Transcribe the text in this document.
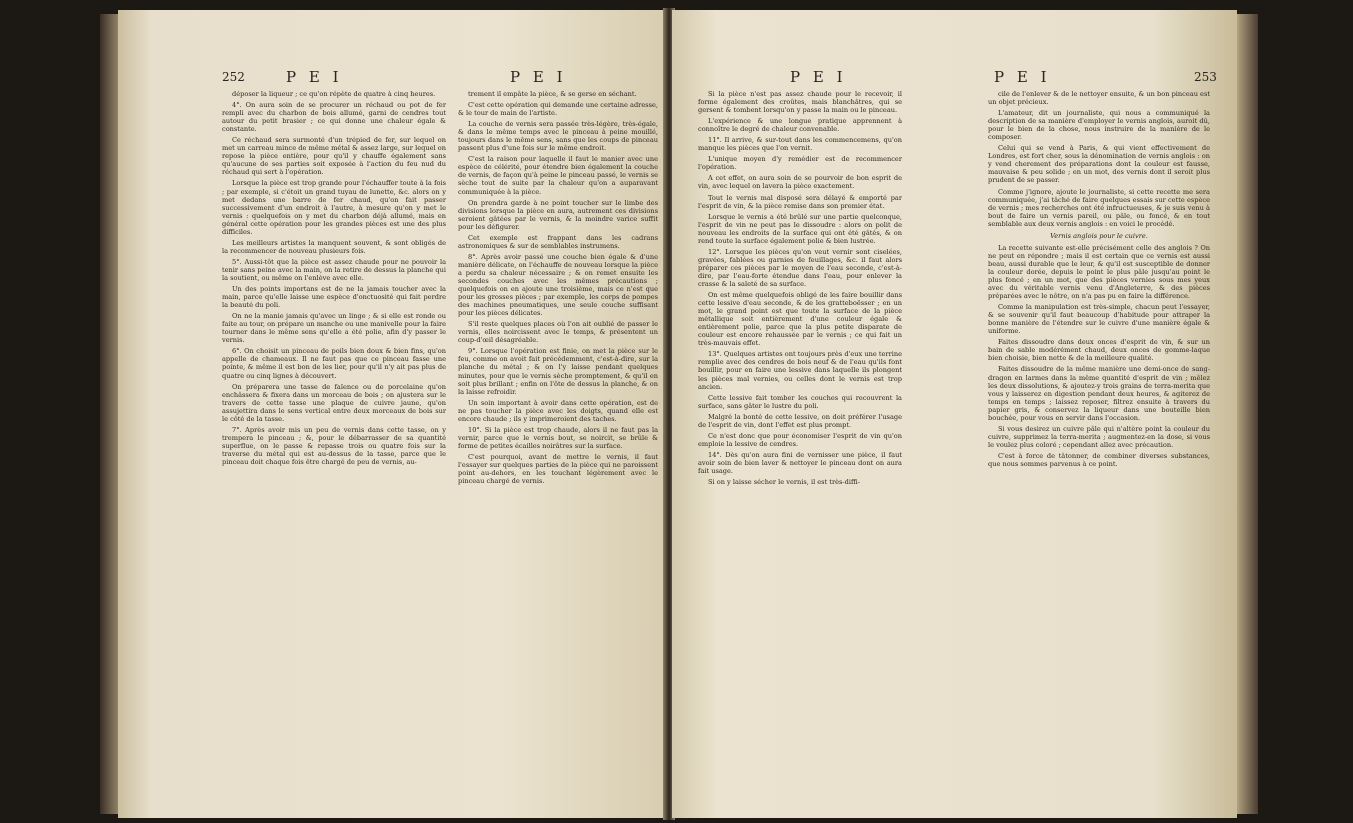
252	P E I	P E I

déposer la liqueur ; ce qu'on répète de quatre à cinq heures.

4°. On aura soin de se procurer un réchaud ou pot de fer rempli avec du charbon de bois allumé, garni de cendres tout autour du petit brasier ; ce qui donne une chaleur égale & constante.

Ce réchaud sera surmonté d'un trépied de fer, sur lequel on met un carreau mince de même métal & assez large, sur lequel on repose la pièce entière, pour qu'il y chauffe également sans qu'aucune de ses parties soit exposée à l'action du feu nud du réchaud qui sert à l'opération.

Lorsque la pièce est trop grande pour l'échauffer toute à la fois ; par exemple, si c'étoit un grand tuyau de lunette, &c. alors on y met dedans une barre de fer chaud, qu'on fait passer successivement d'un endroit à l'autre, à mesure qu'on y met le vernis : quelquefois on y met du charbon déjà allumé, mais en général cette opération pour les grandes pièces est une des plus difficiles.

Les meilleurs artistes la manquent souvent, & sont obligés de la recommencer de nouveau plusieurs fois.

5°. Aussi-tôt que la pièce est assez chaude pour ne pouvoir la tenir sans peine avec la main, on la retire de dessus la planche qui la soutient, ou même on l'enlève avec elle.

Un des points importans est de ne la jamais toucher avec la main, parce qu'elle laisse une espèce d'onctuosité qui fait perdre la beauté du poli.

On ne la manie jamais qu'avec un linge ; & si elle est ronde ou faite au tour, on prépare un manche ou une manivelle pour la faire tourner dans le même sens qu'elle a été polie, afin d'y passer le vernis.

6°. On choisit un pinceau de poils bien doux & bien fins, qu'on appelle de chameaux. Il ne faut pas que ce pinceau fasse une pointe, & même il est bon de les lier, pour qu'il n'y ait pas plus de quatre ou cinq lignes à découvert.

On préparera une tasse de faïence ou de porcelaine qu'on enchâssera & fixera dans un morceau de bois ; on ajustera sur le travers de cette tasse une plaque de cuivre jaune, qu'on assujettira dans le sens vertical entre deux morceaux de bois sur le côté de la tasse.

7°. Après avoir mis un peu de vernis dans cette tasse, on y trempera le pinceau ; &, pour le débarrasser de sa quantité superflue, on le passe & repasse trois ou quatre fois sur la traverse du métal qui est au-dessus de la tasse, parce que le pinceau doit chaque fois être chargé de peu de vernis, au-

trement il empâte la pièce, & se gerse en séchant.

C'est cette opération qui demande une certaine adresse, & le tour de main de l'artiste.

La couche de vernis sera passée très-légère, très-égale, & dans le même temps avec le pinceau à peine mouillé, toujours dans le même sens, sans que les coups de pinceau passent plus d'une fois sur le même endroit.

C'est la raison pour laquelle il faut le manier avec une espèce de célérité, pour étendre bien également la couche de vernis, de façon qu'à peine le pinceau passé, le vernis se sèche tout de suite par la chaleur qu'on a auparavant communiquée à la pièce.

On prendra garde à ne point toucher sur le limbe des divisions lorsque la pièce en aura, autrement ces divisions seroient gâtées par le vernis, & la moindre varice suffit pour les défigurer.

Cet exemple est frappant dans les cadrans astronomiques & sur de semblables instrumens.

8°. Après avoir passé une couche bien égale & d'une manière délicate, on l'échauffe de nouveau lorsque la pièce a perdu sa chaleur nécessaire ; & on remet ensuite les secondes couches avec les mêmes précautions ; quelquefois on en ajoute une troisième, mais ce n'est que pour les grosses pièces ; par exemple, les corps de pompes des machines pneumatiques, une seule couche suffisant pour les pièces délicates.

S'il reste quelques places où l'on ait oublié de passer le vernis, elles noircissent avec le temps, & présentent un coup-d'œil désagréable.

9°. Lorsque l'opération est finie, on met la pièce sur le feu, comme on avoit fait précédemment, c'est-à-dire, sur la planche du métal ; & on l'y laisse pendant quelques minutes, pour que le vernis sèche promptement, & qu'il en soit plus brillant ; enfin on l'ôte de dessus la planche, & on la laisse refroidir.

Un soin important à avoir dans cette opération, est de ne pas toucher la pièce avec les doigts, quand elle est encore chaude ; ils y imprimeroient des taches.

10°. Si la pièce est trop chaude, alors il ne faut pas la vernir, parce que le vernis bout, se noircit, se brûle & forme de petites écailles noirâtres sur la surface.

C'est pourquoi, avant de mettre le vernis, il faut l'essayer sur quelques parties de la pièce qui ne paroissent point au-dehors, en les touchant légèrement avec le pinceau chargé de vernis.

P E I	P E I	253

Si la pièce n'est pas assez chaude pour le recevoir, il forme également des croûtes, mais blanchâtres, qui se gersent & tombent lorsqu'on y passe la main ou le pinceau.

L'expérience & une longue pratique apprennent à connoître le degré de chaleur convenable.

11°. Il arrive, & sur-tout dans les commencemens, qu'on manque les pièces que l'on vernit.

L'unique moyen d'y remédier est de recommencer l'opération.

A cet effet, on aura soin de se pourvoir de bon esprit de vin, avec lequel on lavera la pièce exactement.

Tout le vernis mal disposé sera délayé & emporté par l'esprit de vin, & la pièce remise dans son premier état.

Lorsque le vernis a été brûlé sur une partie quelconque, l'esprit de vin ne peut pas le dissoudre : alors on polit de nouveau les endroits de la surface qui ont été gâtés, & on rend toute la surface également polie & bien lustrée.

12°. Lorsque les pièces qu'on veut vernir sont ciselées, gravées, fablées ou garnies de feuillages, &c. il faut alors préparer ces pièces par le moyen de l'eau seconde, c'est-à-dire, par l'eau-forte étendue dans l'eau, pour enlever la crasse & la saleté de sa surface.

On est même quelquefois obligé de les faire bouillir dans cette lessive d'eau seconde, & de les gratteboësser ; en un mot, le grand point est que toute la surface de la pièce métallique soit entièrement d'une couleur égale & entièrement polie, parce que la plus petite disparate de couleur est encore rehaussée par le vernis ; ce qui fait un très-mauvais effet.

13°. Quelques artistes ont toujours près d'eux une terrine remplie avec des cendres de bois neuf & de l'eau qu'ils font bouillir, pour en faire une lessive dans laquelle ils plongent les pièces mal vernies, ou celles dont le vernis est trop ancien.

Cette lessive fait tomber les couches qui recouvrent la surface, sans gâter le lustre du poli.

Malgré la bonté de cette lessive, on doit préférer l'usage de l'esprit de vin, dont l'effet est plus prompt.

Ce n'est donc que pour économiser l'esprit de vin qu'on emploie la lessive de cendres.

14°. Dès qu'on aura fini de vernisser une pièce, il faut avoir soin de bien laver & nettoyer le pinceau dont on aura fait usage.

Si on y laisse sécher le vernis, il est très-diffi-

cile de l'enlever & de le nettoyer ensuite, & un bon pinceau est un objet précieux.

L'amateur, dit un journaliste, qui nous a communiqué la description de sa manière d'employer le vernis anglois, auroit dû, pour le bien de la chose, nous instruire de la manière de le composer.

Celui qui se vend à Paris, & qui vient effectivement de Londres, est fort cher, sous la dénomination de vernis anglois : on y vend cherement des préparations dont la couleur est fausse, mauvaise & peu solide ; en un mot, des vernis dont il seroit plus prudent de se passer.

Comme j'ignore, ajoute le journaliste, si cette recette me sera communiquée, j'ai tâché de faire quelques essais sur cette espèce de vernis ; mes recherches ont été infructueuses, & je suis venu à bout de faire un vernis pareil, ou pâle, ou foncé, & en tout semblable aux deux vernis anglois : en voici le procédé.

Vernis anglois pour le cuivre.

La recette suivante est-elle précisément celle des anglois ? On ne peut en répondre ; mais il est certain que ce vernis est aussi beau, aussi durable que le leur, & qu'il est susceptible de donner la couleur dorée, depuis le point le plus pâle jusqu'au point le plus foncé ; en un mot, que des pièces vernies sous mes yeux avec du véritable vernis venu d'Angleterre, & des pièces préparées avec le nôtre, on n'a pas pu en faire la différence.

Comme la manipulation est très-simple, chacun peut l'essayer, & se souvenir qu'il faut beaucoup d'habitude pour attraper la bonne manière de l'étendre sur le cuivre d'une manière égale & uniforme.

Faites dissoudre dans deux onces d'esprit de vin, & sur un bain de sable modérément chaud, deux onces de gomme-laque bien choisie, bien nette & de la meilleure qualité.

Faites dissoudre de la même manière une demi-once de sang-dragon en larmes dans la même quantité d'esprit de vin ; mêlez les deux dissolutions, & ajoutez-y trois grains de terra-merita que vous y laisserez en digestion pendant deux heures, & agiterez de temps en temps ; laissez reposer, filtrez ensuite à travers du papier gris, & conservez la liqueur dans une bouteille bien bouchée, pour vous en servir dans l'occasion.

Si vous desirez un cuivre pâle qui n'altère point la couleur du cuivre, supprimez la terra-merita ; augmentez-en la dose, si vous le voulez plus coloré ; cependant allez avec précaution.

C'est à force de tâtonner, de combiner diverses substances, que nous sommes parvenus à ce point.
